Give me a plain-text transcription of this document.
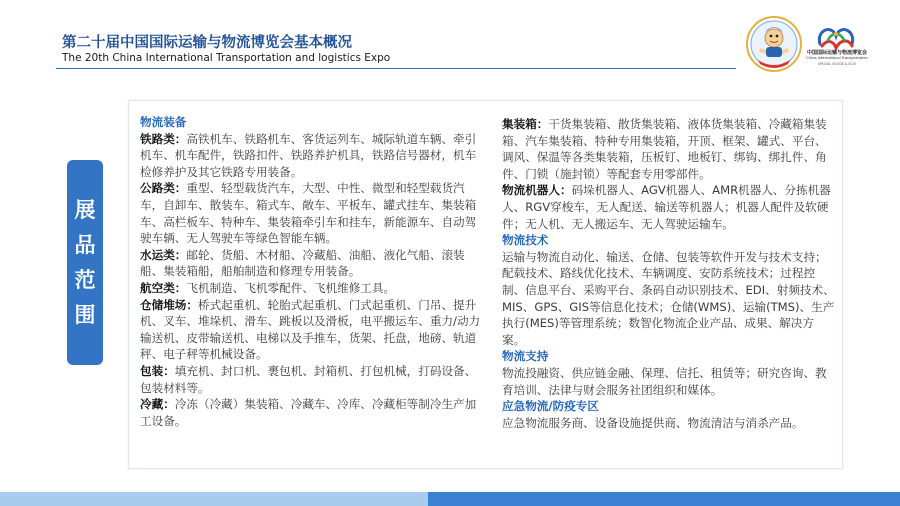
第二十届中国国际运输与物流博览会基本概况
The 20th China International Transportation and logistics Expo	中国国际运输与物流博览会
China International Transportation
SPECIAL GOODS & SCIO
展
品
范
围

物流装备

铁路类：高铁机车、铁路机车、客货运列车、城际轨道车辆、牵引机车、机车配件，铁路扣件、铁路养护机具，铁路信号器材，机车检修养护及其它铁路专用装备。

公路类：重型、轻型载货汽车，大型、中性、微型和轻型载货汽车，自卸车、散装车、箱式车、敞车、平板车、罐式挂车、集装箱车、高栏板车、特种车、集装箱牵引车和挂车，新能源车、自动驾驶车辆、无人驾驶车等绿色智能车辆。

水运类：邮轮、货船、木材船、冷藏船、油船、液化气船、滚装船、集装箱船，船舶制造和修理专用装备。

航空类：飞机制造、飞机零配件、飞机维修工具。

仓储堆场：桥式起重机、轮胎式起重机、门式起重机、门吊、提升机、叉车、堆垛机、滑车、跳板以及滑板，电平搬运车、重力/动力输送机、皮带输送机、电梯以及手推车，货架、托盘，地磅、轨道秤、电子秤等机械设备。

包装：填充机、封口机、裹包机、封箱机、打包机械，打码设备、包装材料等。

冷藏：冷冻（冷藏）集装箱、冷藏车、冷库、冷藏柜等制冷生产加工设备。

集装箱：干货集装箱、散货集装箱、液体货集装箱、冷藏箱集装箱、汽车集装箱、特种专用集装箱，开顶、框架、罐式、平台、调风、保温等各类集装箱，压板钉、地板钉、绑钩、绑扎件、角件、门锁（施封锁）等配套专用零部件。

物流机器人：码垛机器人、AGV机器人、AMR机器人、分拣机器人、RGV穿梭车，无人配送、输送等机器人；机器人配件及软硬件；无人机、无人搬运车、无人驾驶运输车。

物流技术

运输与物流自动化、输送、仓储、包装等软件开发与技术支持；配载技术、路线优化技术、车辆调度、安防系统技术；过程控制、信息平台、采购平台、条码自动识别技术、EDI、射频技术、MIS、GPS、GIS等信息化技术；仓储(WMS)、运输(TMS)、生产执行(MES)等管理系统；数智化物流企业产品、成果、解决方案。

物流支持

物流投融资、供应链金融、保理、信托、租赁等；研究咨询、教育培训、法律与财会服务社团组织和媒体。

应急物流/防疫专区

应急物流服务商、设备设施提供商、物流清洁与消杀产品。
